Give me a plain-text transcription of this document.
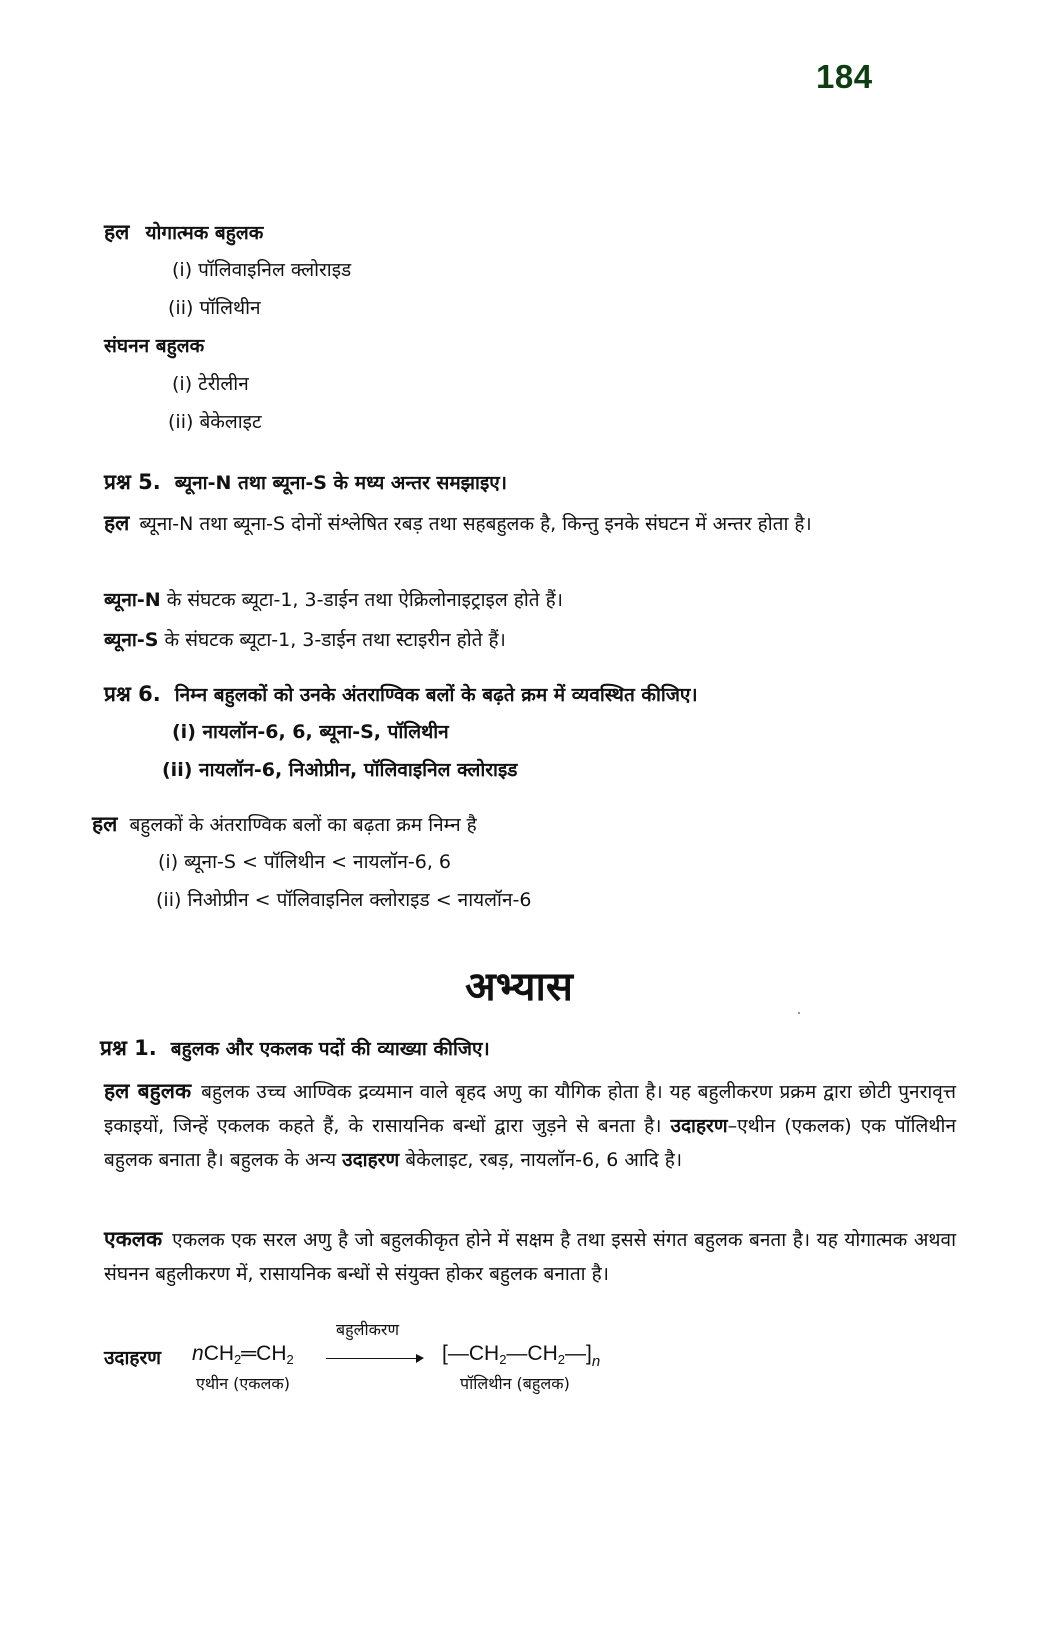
184
हल योगात्मक बहुलक
(i) पॉलिवाइनिल क्लोराइड
(ii) पॉलिथीन
संघनन बहुलक
(i) टेरीलीन
(ii) बेकेलाइट
प्रश्न 5. ब्यूना-N तथा ब्यूना-S के मध्य अन्तर समझाइए।
हल ब्यूना-N तथा ब्यूना-S दोनों संश्लेषित रबड़ तथा सहबहुलक है, किन्तु इनके संघटन में अन्तर होता है।
ब्यूना-N के संघटक ब्यूटा-1, 3-डाईन तथा ऐक्रिलोनाइट्राइल होते हैं।
ब्यूना-S के संघटक ब्यूटा-1, 3-डाईन तथा स्टाइरीन होते हैं।
प्रश्न 6. निम्न बहुलकों को उनके अंतराण्विक बलों के बढ़ते क्रम में व्यवस्थित कीजिए।
(i) नायलॉन-6, 6, ब्यूना-S, पॉलिथीन
(ii) नायलॉन-6, निओप्रीन, पॉलिवाइनिल क्लोराइड
हल बहुलकों के अंतराण्विक बलों का बढ़ता क्रम निम्न है
(i) ब्यूना-S < पॉलिथीन < नायलॉन-6, 6
(ii) निओप्रीन < पॉलिवाइनिल क्लोराइड < नायलॉन-6
अभ्यास
प्रश्न 1. बहुलक और एकलक पदों की व्याख्या कीजिए।
हल बहुलक बहुलक उच्च आण्विक द्रव्यमान वाले बृहद अणु का यौगिक होता है। यह बहुलीकरण प्रक्रम द्वारा छोटी पुनरावृत्त इकाइयों, जिन्हें एकलक कहते हैं, के रासायनिक बन्धों द्वारा जुड़ने से बनता है। उदाहरण–एथीन (एकलक) एक पॉलिथीन बहुलक बनाता है। बहुलक के अन्य उदाहरण बेकेलाइट, रबड़, नायलॉन-6, 6 आदि है।
एकलक एकलक एक सरल अणु है जो बहुलकीकृत होने में सक्षम है तथा इससे संगत बहुलक बनता है। यह योगात्मक अथवा संघनन बहुलीकरण में, रासायनिक बन्धों से संयुक्त होकर बहुलक बनाता है।
उदाहरण $nCH_2═CH_2$
बहुलीकरण
$[—CH_2—CH_2—]_n$
एथीन (एकलक)	पॉलिथीन (बहुलक)
